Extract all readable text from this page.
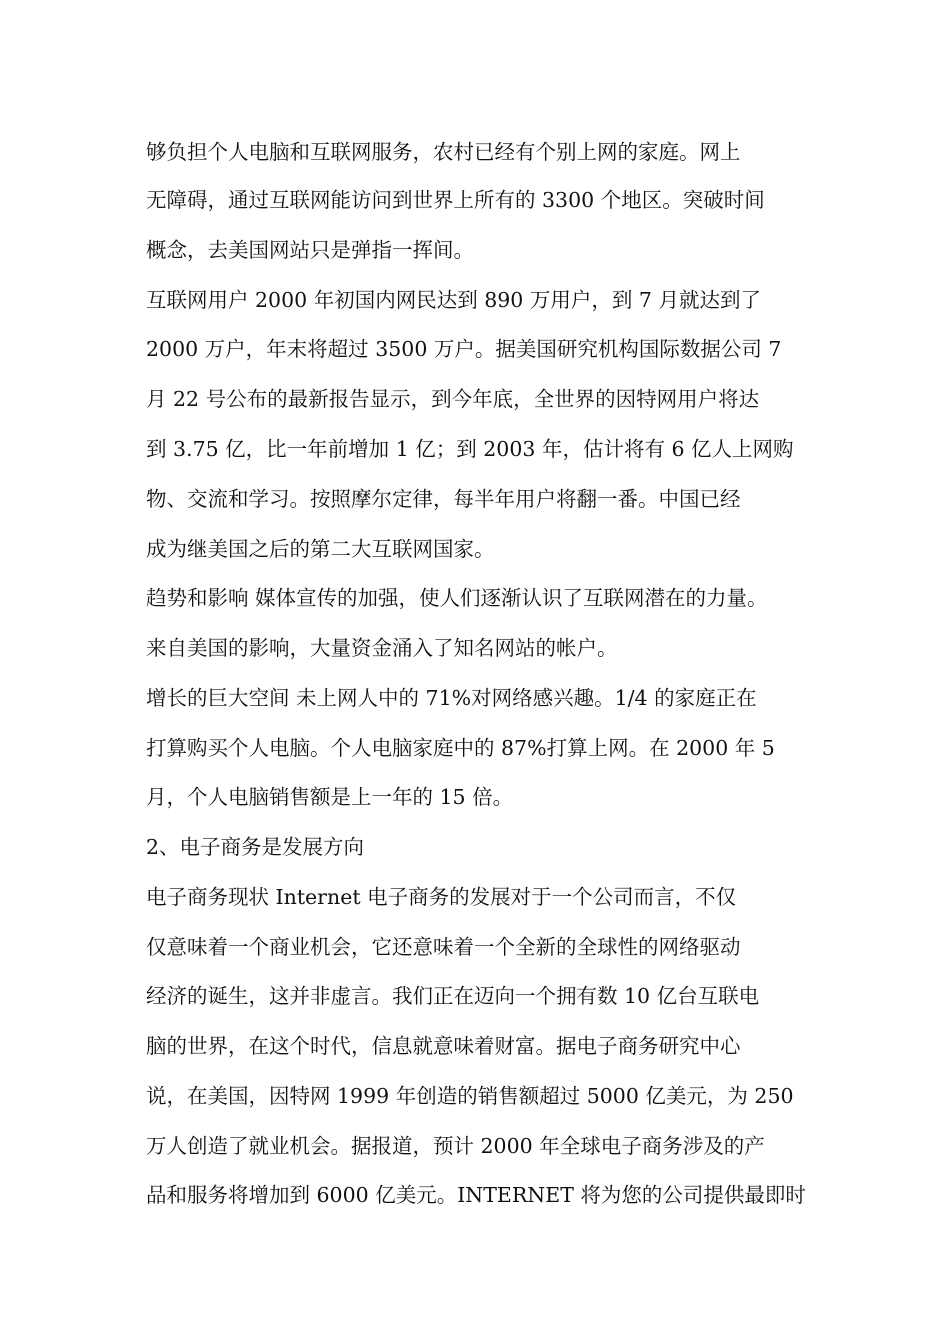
够负担个人电脑和互联网服务，农村已经有个别上网的家庭。网上
无障碍，通过互联网能访问到世界上所有的 3300 个地区。突破时间
概念，去美国网站只是弹指一挥间。
互联网用户 2000 年初国内网民达到 890 万用户，到 7 月就达到了
2000 万户，年末将超过 3500 万户。据美国研究机构国际数据公司 7
月 22 号公布的最新报告显示，到今年底，全世界的因特网用户将达
到 3.75 亿，比一年前增加 1 亿；到 2003 年，估计将有 6 亿人上网购
物、交流和学习。按照摩尔定律，每半年用户将翻一番。中国已经
成为继美国之后的第二大互联网国家。
趋势和影响 媒体宣传的加强，使人们逐渐认识了互联网潜在的力量。
来自美国的影响，大量资金涌入了知名网站的帐户。
增长的巨大空间 未上网人中的 71%对网络感兴趣。1/4 的家庭正在
打算购买个人电脑。个人电脑家庭中的 87%打算上网。在 2000 年 5
月，个人电脑销售额是上一年的 15 倍。
2、电子商务是发展方向
电子商务现状 Internet 电子商务的发展对于一个公司而言，不仅
仅意味着一个商业机会，它还意味着一个全新的全球性的网络驱动
经济的诞生，这并非虚言。我们正在迈向一个拥有数 10 亿台互联电
脑的世界，在这个时代，信息就意味着财富。据电子商务研究中心
说，在美国，因特网 1999 年创造的销售额超过 5000 亿美元，为 250
万人创造了就业机会。据报道，预计 2000 年全球电子商务涉及的产
品和服务将增加到 6000 亿美元。INTERNET 将为您的公司提供最即时
